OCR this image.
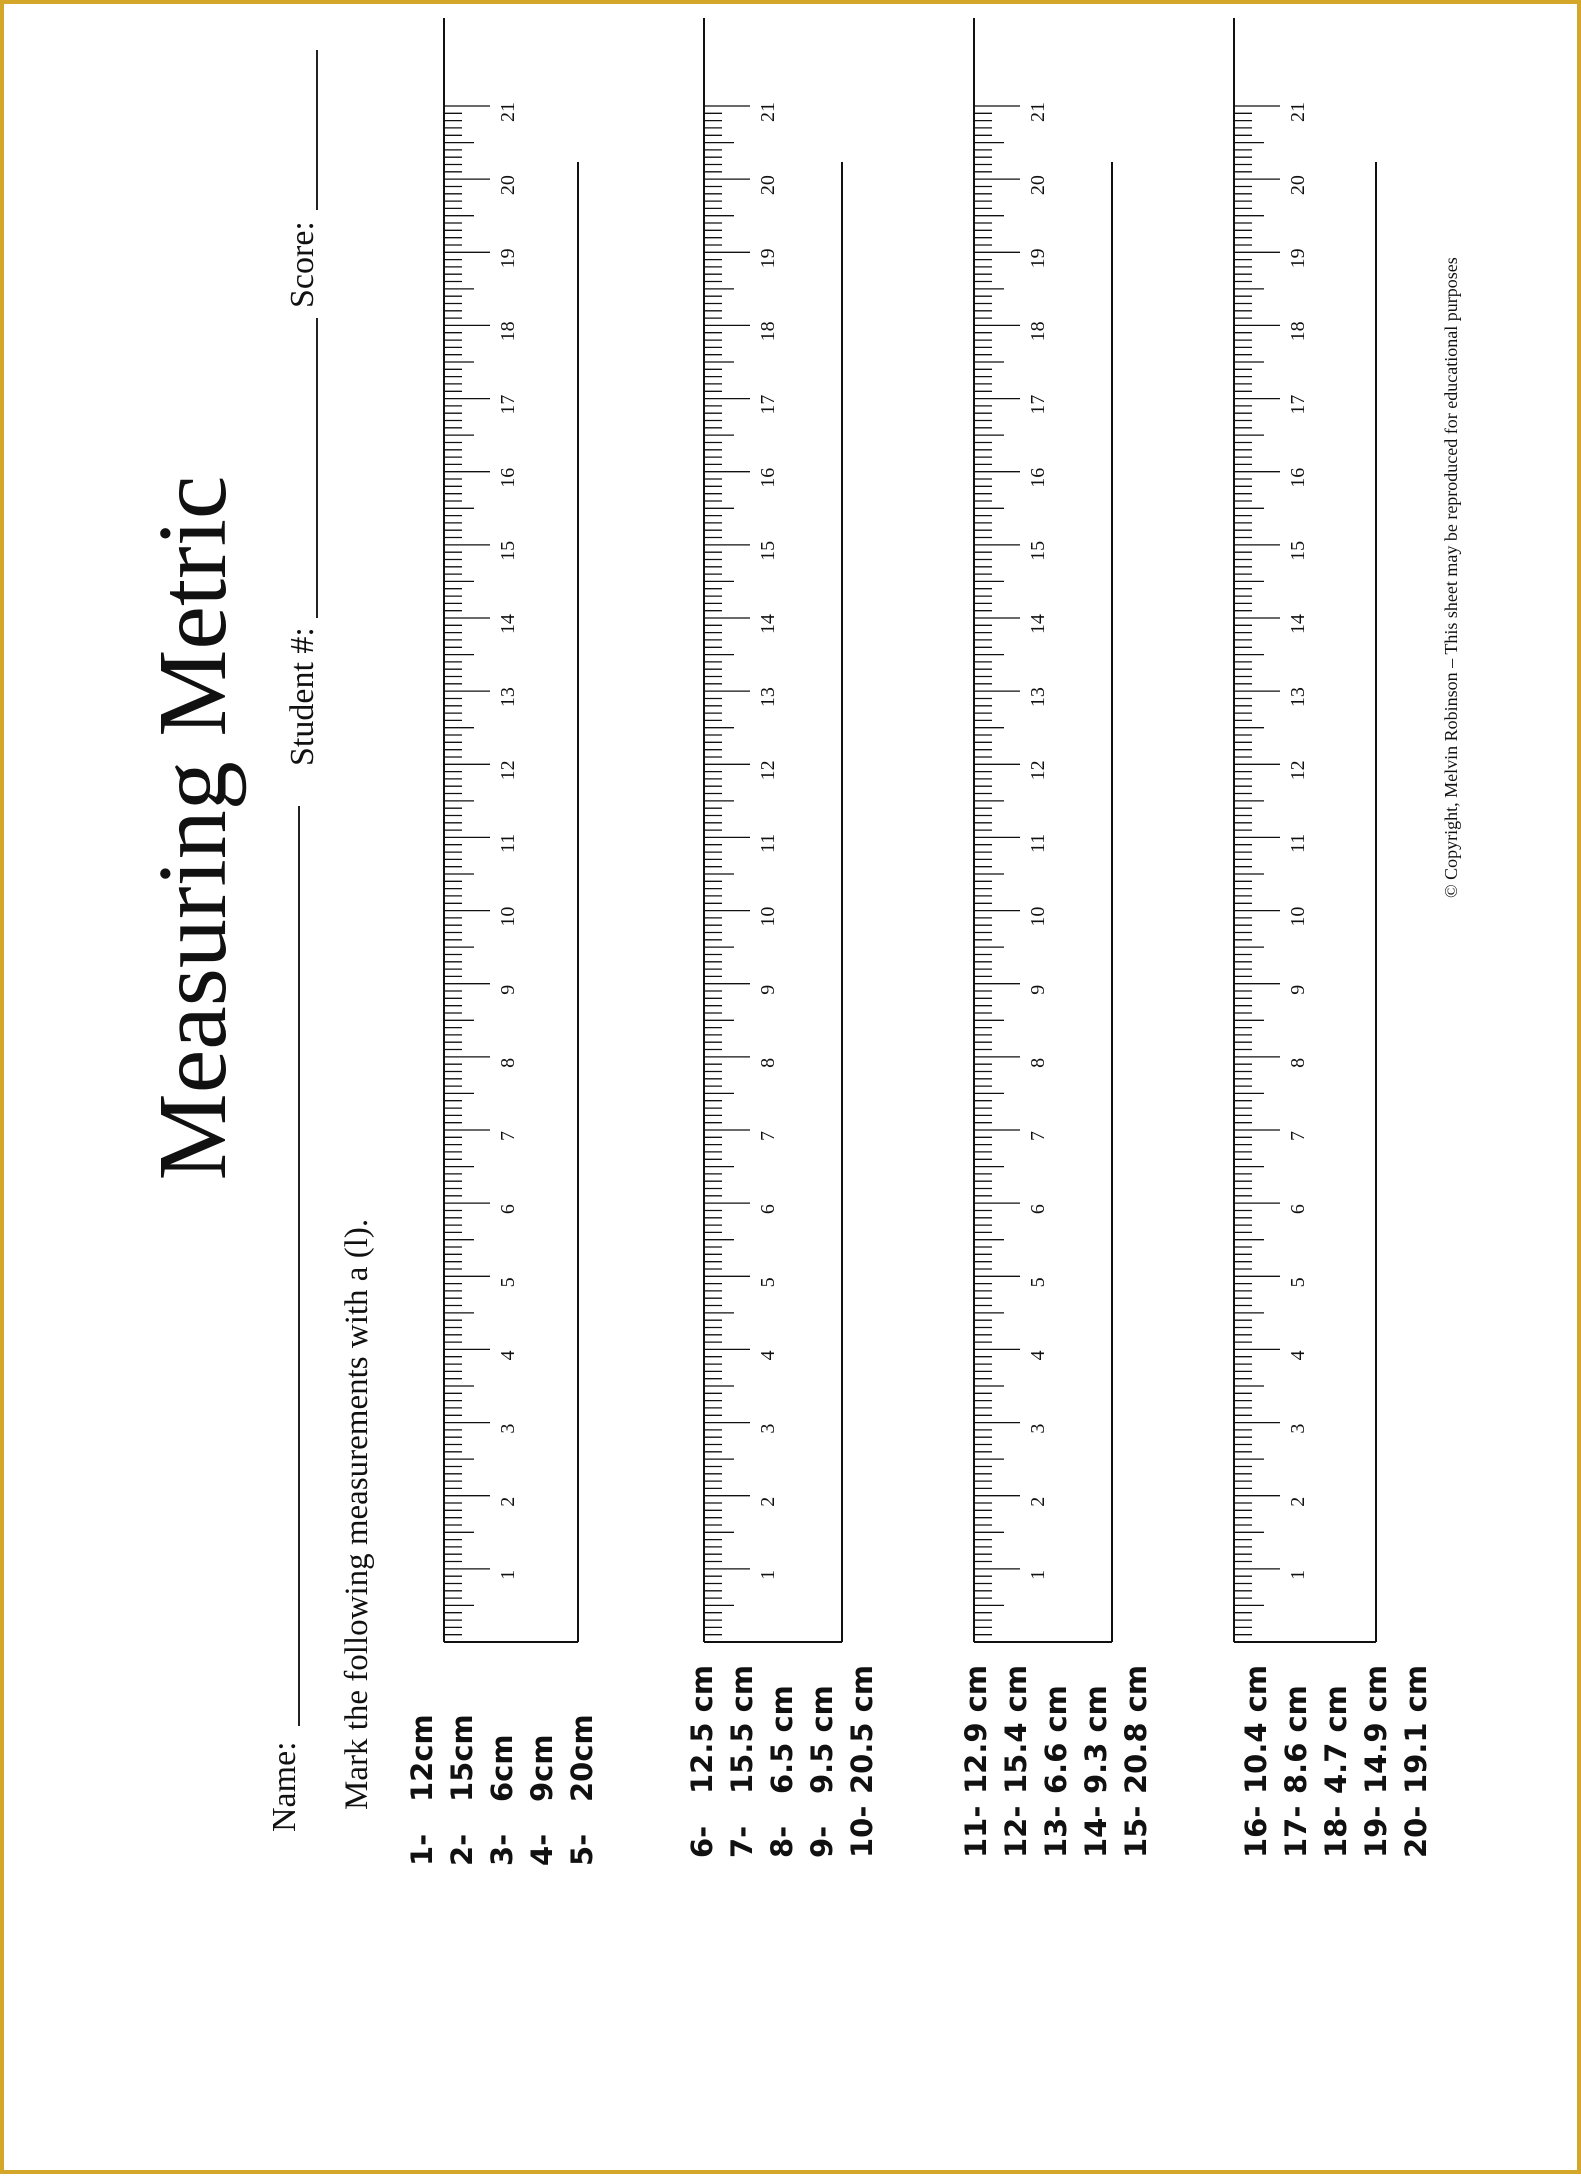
Measuring Metric
Name:
Student #:
Score:
Mark the following measurements with a (l).
1-12cm
2-15cm
3-6cm
4-9cm
5-20cm
6-12.5 cm
7-15.5 cm
8-6.5 cm
9-9.5 cm
10-20.5 cm
11-12.9 cm
12-15.4 cm
13-6.6 cm
14-9.3 cm
15-20.8 cm
16-10.4 cm
17-8.6 cm
18-4.7 cm
19-14.9 cm
20-19.1 cm
1
2
3
4
5
6
7
8
9
10
11
12
13
14
15
16
17
18
19
20
21
1
2
3
4
5
6
7
8
9
10
11
12
13
14
15
16
17
18
19
20
21
1
2
3
4
5
6
7
8
9
10
11
12
13
14
15
16
17
18
19
20
21
1
2
3
4
5
6
7
8
9
10
11
12
13
14
15
16
17
18
19
20
21
© Copyright, Melvin Robinson – This sheet may be reproduced for educational purposes
